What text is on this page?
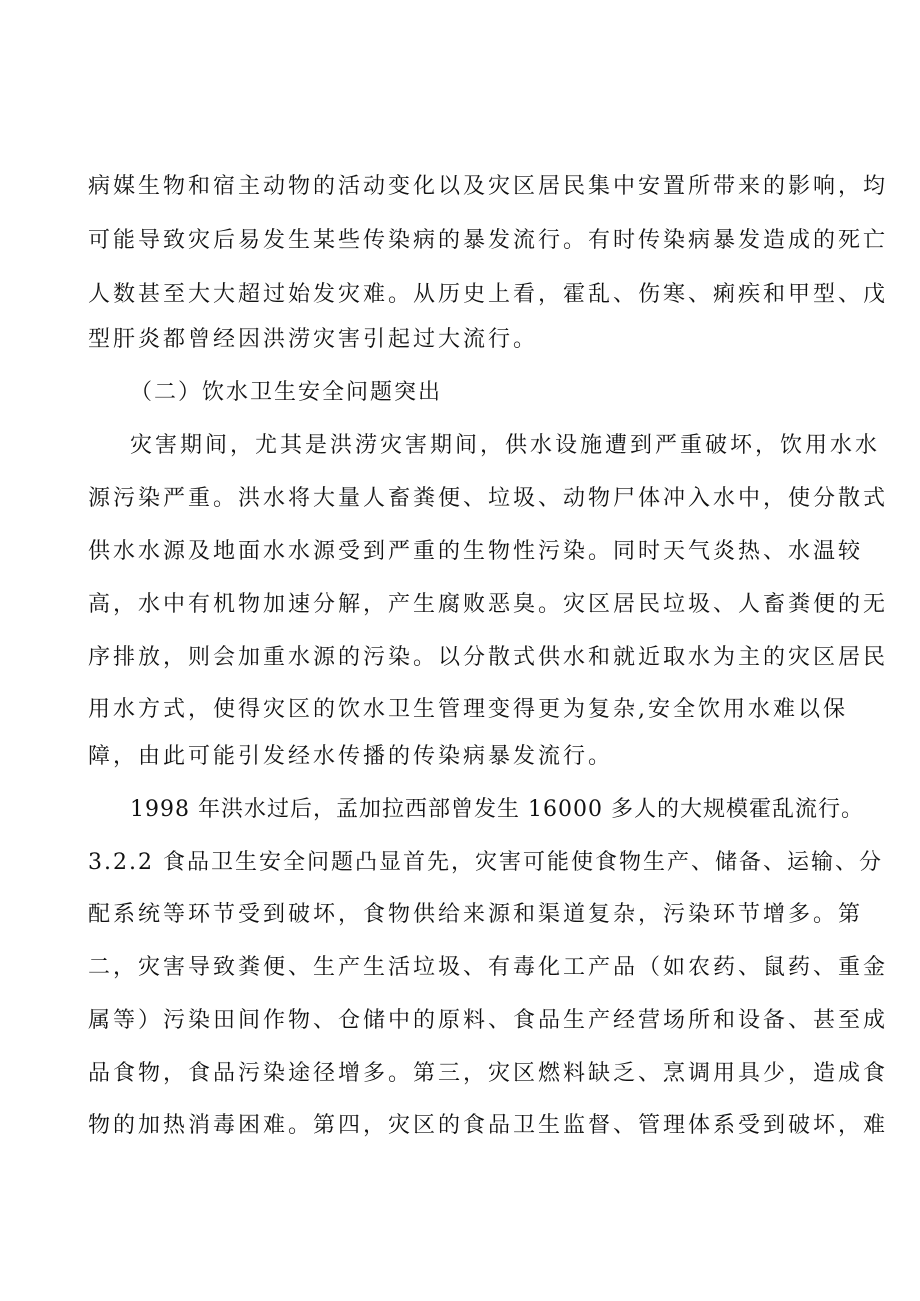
病媒生物和宿主动物的活动变化以及灾区居民集中安置所带来的影响，均
可能导致灾后易发生某些传染病的暴发流行。有时传染病暴发造成的死亡
人数甚至大大超过始发灾难。从历史上看，霍乱、伤寒、痢疾和甲型、戊
型肝炎都曾经因洪涝灾害引起过大流行。
（二）饮水卫生安全问题突出
灾害期间，尤其是洪涝灾害期间，供水设施遭到严重破坏，饮用水水
源污染严重。洪水将大量人畜粪便、垃圾、动物尸体冲入水中，使分散式
供水水源及地面水水源受到严重的生物性污染。同时天气炎热、水温较
高，水中有机物加速分解，产生腐败恶臭。灾区居民垃圾、人畜粪便的无
序排放，则会加重水源的污染。以分散式供水和就近取水为主的灾区居民
用水方式，使得灾区的饮水卫生管理变得更为复杂,安全饮用水难以保
障，由此可能引发经水传播的传染病暴发流行。
1998 年洪水过后，孟加拉西部曾发生 16000 多人的大规模霍乱流行。
3.2.2 食品卫生安全问题凸显首先，灾害可能使食物生产、储备、运输、分
配系统等环节受到破坏，食物供给来源和渠道复杂，污染环节增多。第
二，灾害导致粪便、生产生活垃圾、有毒化工产品（如农药、鼠药、重金
属等）污染田间作物、仓储中的原料、食品生产经营场所和设备、甚至成
品食物，食品污染途径增多。第三，灾区燃料缺乏、烹调用具少，造成食
物的加热消毒困难。第四，灾区的食品卫生监督、管理体系受到破坏，难
